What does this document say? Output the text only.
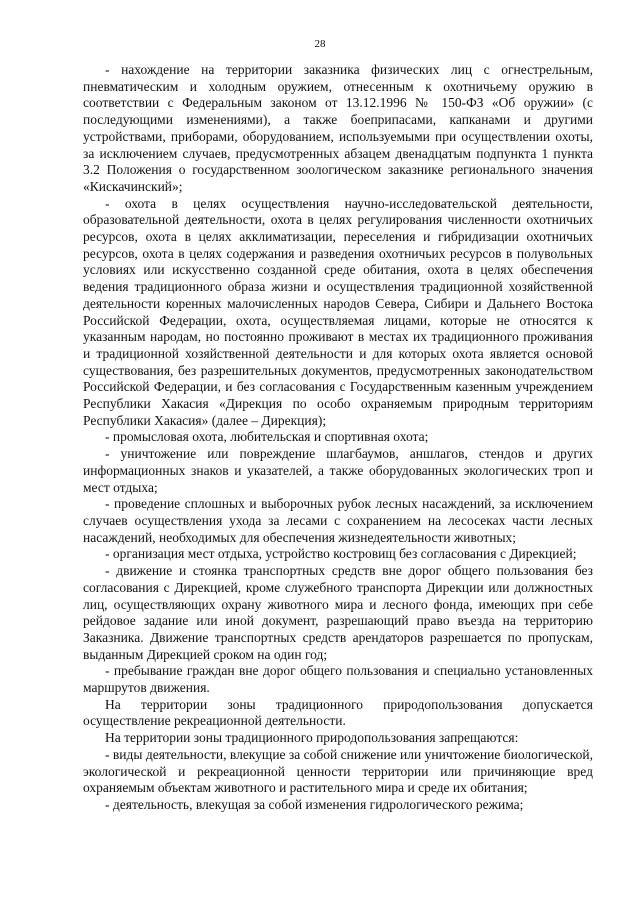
28

- нахождение на территории заказника физических лиц с огнестрельным, пневматическим и холодным оружием, отнесенным к охотничьему оружию в соответствии с Федеральным законом от 13.12.1996 № 150-ФЗ «Об оружии» (с последующими изменениями), а также боеприпасами, капканами и другими устройствами, приборами, оборудованием, используемыми при осуществлении охоты, за исключением случаев, предусмотренных абзацем двенадцатым подпункта 1 пункта 3.2 Положения о государственном зоологическом заказнике регионального значения «Кискачинский»;

- охота в целях осуществления научно-исследовательской деятельности, образовательной деятельности, охота в целях регулирования численности охотничьих ресурсов, охота в целях акклиматизации, переселения и гибридизации охотничьих ресурсов, охота в целях содержания и разведения охотничьих ресурсов в полувольных условиях или искусственно созданной среде обитания, охота в целях обеспечения ведения традиционного образа жизни и осуществления традиционной хозяйственной деятельности коренных малочисленных народов Севера, Сибири и Дальнего Востока Российской Федерации, охота, осуществляемая лицами, которые не относятся к указанным народам, но постоянно проживают в местах их традиционного проживания и традиционной хозяйственной деятельности и для которых охота является основой существования, без разрешительных документов, предусмотренных законодательством Российской Федерации, и без согласования с Государственным казенным учреждением Республики Хакасия «Дирекция по особо охраняемым природным территориям Республики Хакасия» (далее – Дирекция);

- промысловая охота, любительская и спортивная охота;

- уничтожение или повреждение шлагбаумов, аншлагов, стендов и других информационных знаков и указателей, а также оборудованных экологических троп и мест отдыха;

- проведение сплошных и выборочных рубок лесных насаждений, за исключением случаев осуществления ухода за лесами с сохранением на лесосеках части лесных насаждений, необходимых для обеспечения жизнедеятельности животных;

- организация мест отдыха, устройство кострoвищ без согласования с Дирекцией;

- движение и стоянка транспортных средств вне дорог общего пользования без согласования с Дирекцией, кроме служебного транспорта Дирекции или должностных лиц, осуществляющих охрану животного мира и лесного фонда, имеющих при себе рейдовое задание или иной документ, разрешающий право въезда на территорию Заказника. Движение транспортных средств арендаторов разрешается по пропускам, выданным Дирекцией сроком на один год;

- пребывание граждан вне дорог общего пользования и специально установленных маршрутов движения.

На территории зоны традиционного природопользования допускается осуществление рекреационной деятельности.

На территории зоны традиционного природопользования запрещаются:

- виды деятельности, влекущие за собой снижение или уничтожение биологической, экологической и рекреационной ценности территории или причиняющие вред охраняемым объектам животного и растительного мира и среде их обитания;

- деятельность, влекущая за собой изменения гидрологического режима;
